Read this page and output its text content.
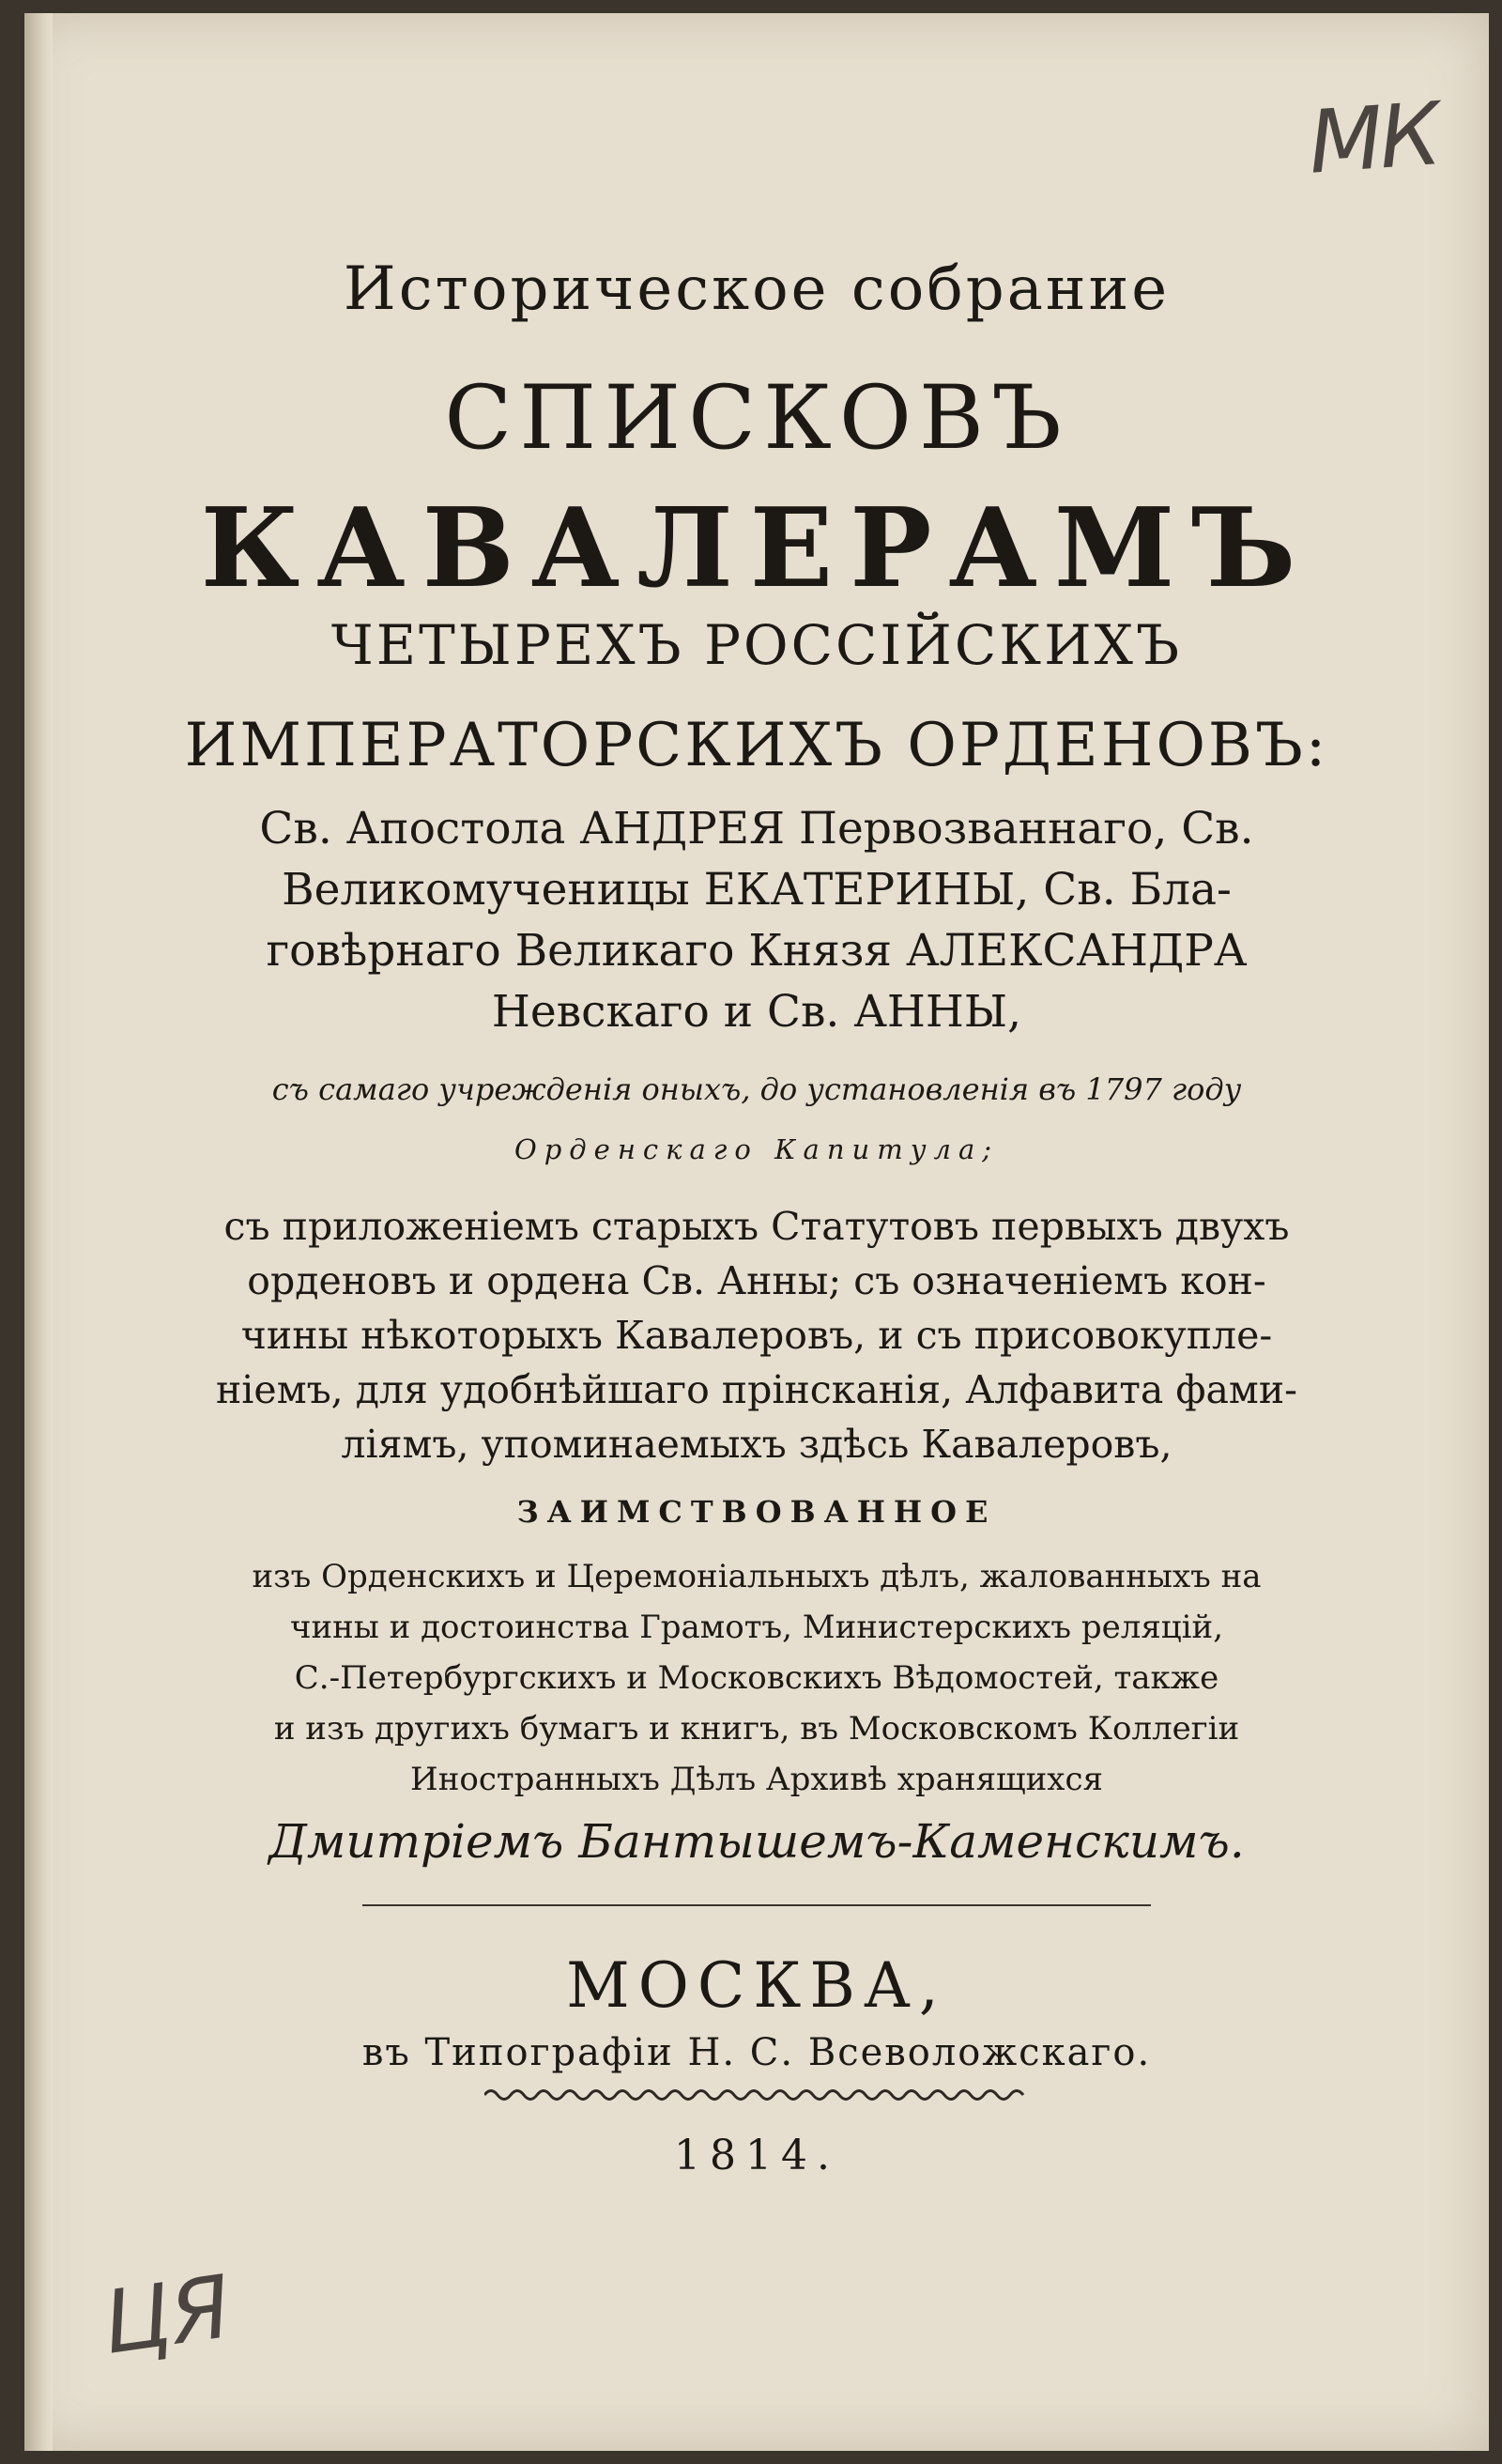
МК
Историческое собрание
СПИСКОВЪ
КАВАЛЕРАМЪ
ЧЕТЫРЕХЪ РОССІЙСКИХЪ
ИМПЕРАТОРСКИХЪ ОРДЕНОВЪ:
Св. Апостола АНДРЕЯ Первозваннаго, Св.
Великомученицы ЕКАТЕРИНЫ, Св. Бла-
говѣрнаго Великаго Князя АЛЕКСАНДРА
Невскаго и Св. АННЫ,
съ самаго учрежденія оныхъ, до установленія въ 1797 году
Орденскаго Капитула;
съ приложеніемъ старыхъ Статутовъ первыхъ двухъ
орденовъ и ордена Св. Анны; съ означеніемъ кон-
чины нѣкоторыхъ Кавалеровъ, и съ присовокупле-
ніемъ, для удобнѣйшаго прінсканія, Алфавита фами-
ліямъ, упоминаемыхъ здѣсь Кавалеровъ,
ЗАИМСТВОВАННОЕ
изъ Орденскихъ и Церемоніальныхъ дѣлъ, жалованныхъ на
чины и достоинства Грамотъ, Министерскихъ реляцій,
С.-Петербургскихъ и Московскихъ Вѣдомостей, также
и изъ другихъ бумагъ и книгъ, въ Московскомъ Коллегіи
Иностранныхъ Дѣлъ Архивѣ хранящихся
Дмитріемъ Бантышемъ-Каменскимъ.
МОСКВА,
въ Типографіи Н. С. Всеволожскаго.
1814.
ЦЯ
